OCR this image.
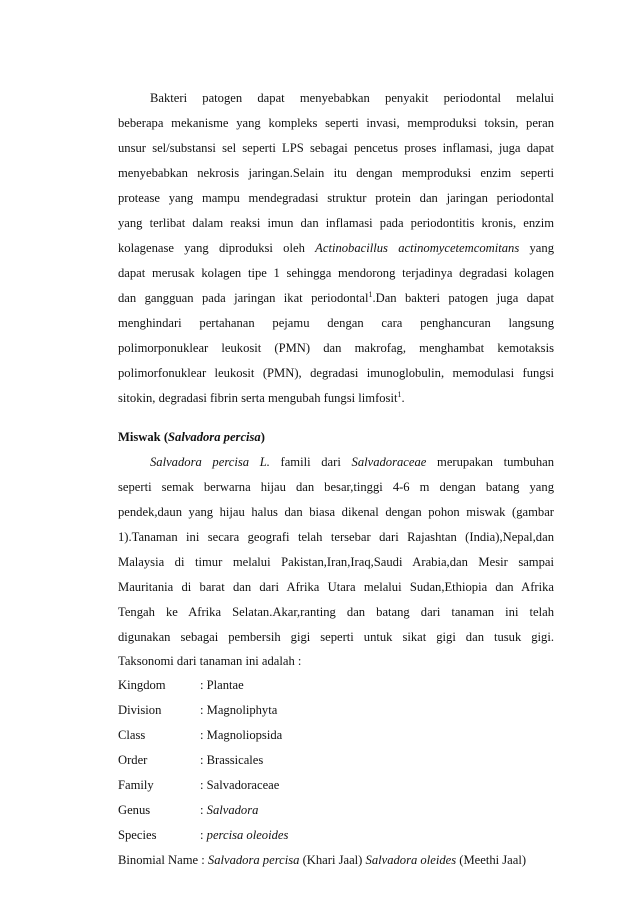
Bakteri patogen dapat menyebabkan penyakit periodontal melalui
beberapa mekanisme yang kompleks seperti invasi, memproduksi toksin, peran
unsur sel/substansi sel seperti LPS sebagai pencetus proses inflamasi, juga dapat
menyebabkan nekrosis jaringan.Selain itu dengan memproduksi enzim seperti
protease yang mampu mendegradasi struktur protein dan jaringan periodontal
yang terlibat dalam reaksi imun dan inflamasi pada periodontitis kronis, enzim
kolagenase yang diproduksi oleh Actinobacillus actinomycetemcomitans yang
dapat merusak kolagen tipe 1 sehingga mendorong terjadinya degradasi kolagen
dan gangguan pada jaringan ikat periodontal$^1$.Dan bakteri patogen juga dapat
menghindari pertahanan pejamu dengan cara penghancuran langsung
polimorponuklear leukosit (PMN) dan makrofag, menghambat kemotaksis
polimorfonuklear leukosit (PMN), degradasi imunoglobulin, memodulasi fungsi
sitokin, degradasi fibrin serta mengubah fungsi limfosit$^1$.
Miswak (Salvadora percisa)
Salvadora percisa L. famili dari Salvadoraceae merupakan tumbuhan
seperti semak berwarna hijau dan besar,tinggi 4-6 m dengan batang yang
pendek,daun yang hijau halus dan biasa dikenal dengan pohon miswak (gambar
1).Tanaman ini secara geografi telah tersebar dari Rajashtan (India),Nepal,dan
Malaysia di timur melalui Pakistan,Iran,Iraq,Saudi Arabia,dan Mesir sampai
Mauritania di barat dan dari Afrika Utara melalui Sudan,Ethiopia dan Afrika
Tengah ke Afrika Selatan.Akar,ranting dan batang dari tanaman ini telah
digunakan sebagai pembersih gigi seperti untuk sikat gigi dan tusuk gigi.
Taksonomi dari tanaman ini adalah :
Kingdom	: Plantae
Division	: Magnoliphyta
Class	: Magnoliopsida
Order	: Brassicales
Family	: Salvadoraceae
Genus	: Salvadora
Species	: percisa oleoides
Binomial Name : Salvadora percisa (Khari Jaal) Salvadora oleides (Meethi Jaal)
